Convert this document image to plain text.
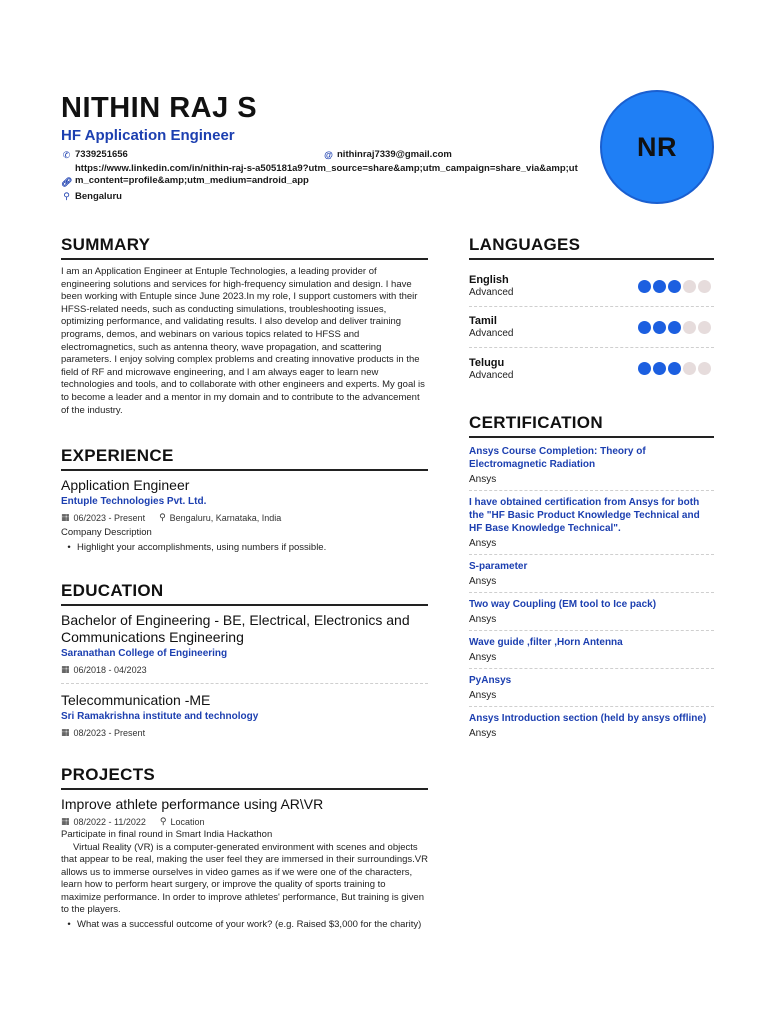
NITHIN RAJ S
HF Application Engineer
✆ 7339251656	@ nithinraj7339@gmail.com
🔗︎
https://www.linkedin.com/in/nithin-raj-s-a505181a9?utm_source=share&amp;utm_campaign=share_via&amp;utm_content=profile&amp;utm_medium=android_app
⚲ Bengaluru
NR
SUMMARY
I am an Application Engineer at Entuple Technologies, a leading provider of engineering solutions and services for high-frequency simulation and design. I have been working with Entuple since June 2023.In my role, I support customers with their HFSS-related needs, such as conducting simulations, troubleshooting issues, optimizing performance, and validating results. I also develop and deliver training programs, demos, and webinars on various topics related to HFSS and electromagnetics, such as antenna theory, wave propagation, and scattering parameters. I enjoy solving complex problems and creating innovative products in the field of RF and microwave engineering, and I am always eager to learn new technologies and tools, and to collaborate with other engineers and experts. My goal is to become a leader and a mentor in my domain and to contribute to the advancement of the industry.
EXPERIENCE
Application Engineer
Entuple Technologies Pvt. Ltd.
▦ 06/2023 - Present ⚲ Bengaluru, Karnataka, India
Company Description
• Highlight your accomplishments, using numbers if possible.
EDUCATION
Bachelor of Engineering - BE, Electrical, Electronics and Communications Engineering
Saranathan College of Engineering
▦ 06/2018 - 04/2023
Telecommunication -ME
Sri Ramakrishna institute and technology
▦ 08/2023 - Present
PROJECTS
Improve athlete performance using AR\VR
▦ 08/2022 - 11/2022 ⚲ Location
Participate in final round in Smart India Hackathon
Virtual Reality (VR) is a computer-generated environment with scenes and objects that appear to be real, making the user feel they are immersed in their surroundings.VR allows us to immerse ourselves in video games as if we were one of the characters, learn how to perform heart surgery, or improve the quality of sports training to maximize performance. In order to improve athletes' performance, But training is given to the players.
• What was a successful outcome of your work? (e.g. Raised $3,000 for the charity)
LANGUAGES
English
Advanced
Tamil
Advanced
Telugu
Advanced
CERTIFICATION
Ansys Course Completion: Theory of Electromagnetic Radiation
Ansys
I have obtained certification from Ansys for both the "HF Basic Product Knowledge Technical and HF Base Knowledge Technical".
Ansys
S-parameter
Ansys
Two way Coupling (EM tool to Ice pack)
Ansys
Wave guide ,filter ,Horn Antenna
Ansys
PyAnsys
Ansys
Ansys Introduction section (held by ansys offline)
Ansys
